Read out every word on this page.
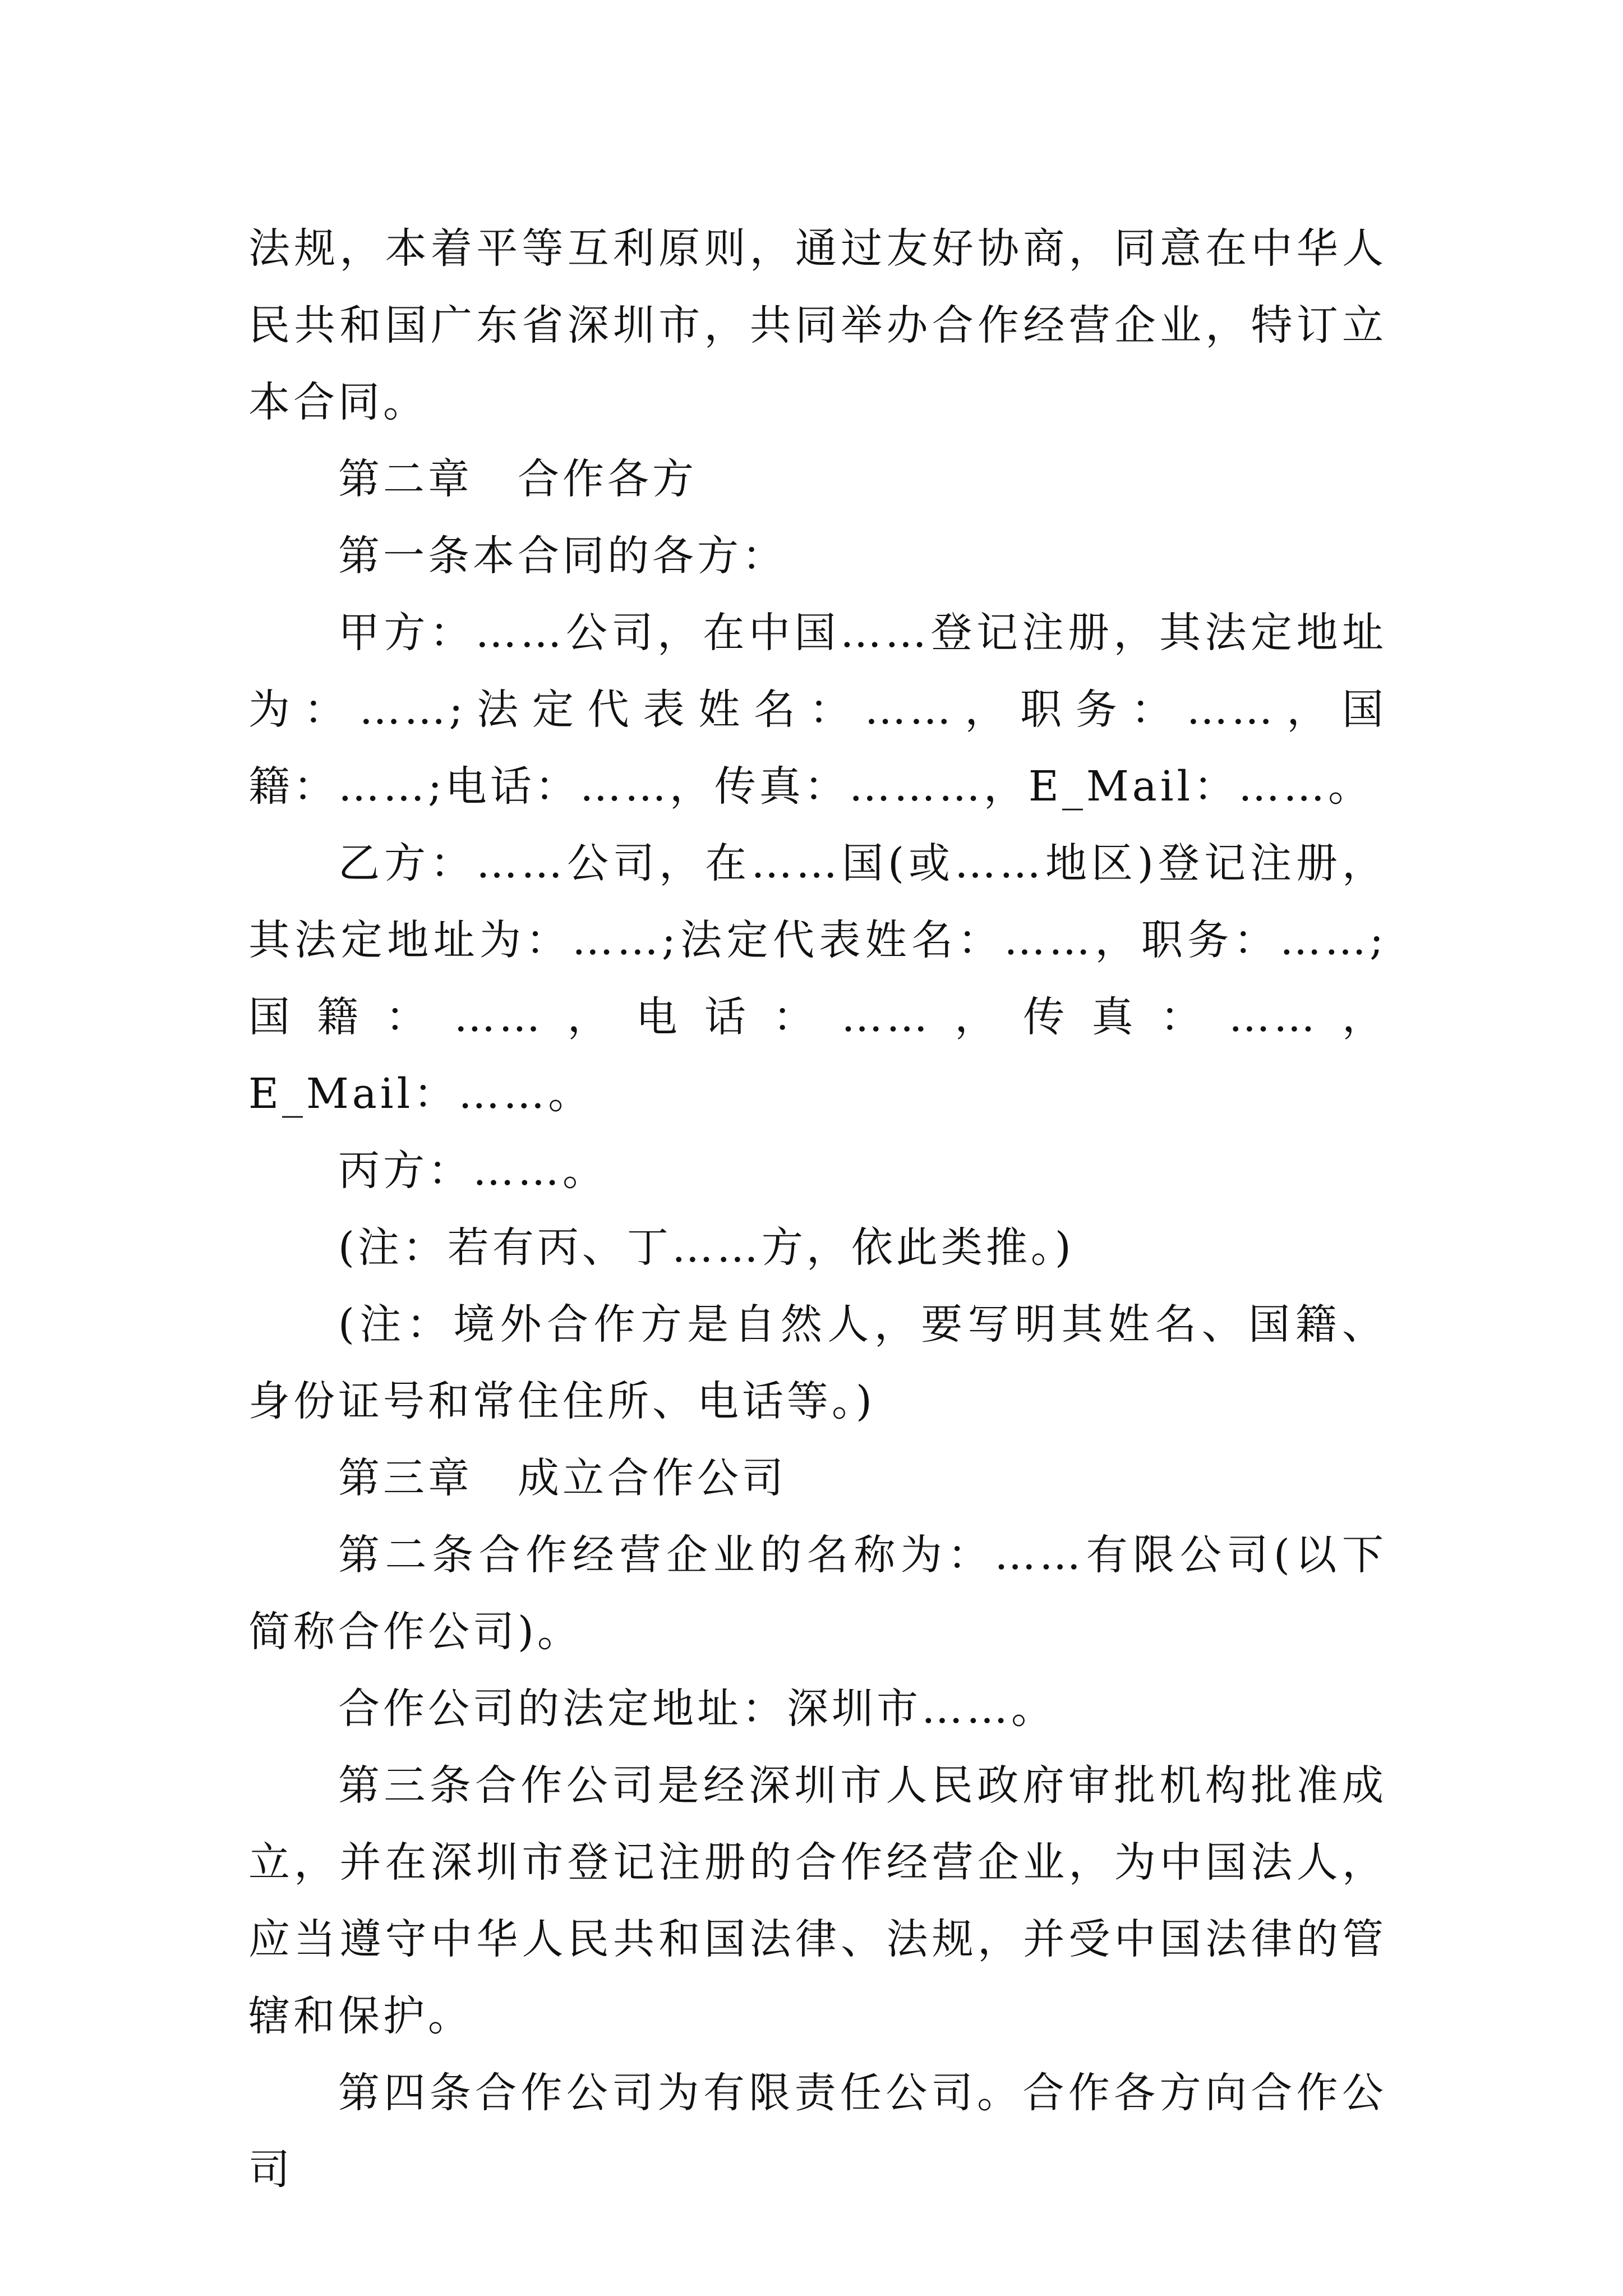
法规，本着平等互利原则，通过友好协商，同意在中华人民共和国广东省深圳市，共同举办合作经营企业，特订立本合同。

第二章　合作各方

第一条本合同的各方：

甲方：……公司，在中国……登记注册，其法定地址为：……;法定代表姓名：……，职务：……，国籍：……;电话：……，传真：………，E_Mail：……。

乙方：……公司，在……国(或……地区)登记注册，其法定地址为：……;法定代表姓名：……，职务：……;国籍：……，电话：……，传真：……，E_Mail：……。

丙方：……。

(注：若有丙、丁……方，依此类推。)

(注：境外合作方是自然人，要写明其姓名、国籍、身份证号和常住住所、电话等。)

第三章　成立合作公司

第二条合作经营企业的名称为：……有限公司(以下简称合作公司)。

合作公司的法定地址：深圳市……。

第三条合作公司是经深圳市人民政府审批机构批准成立，并在深圳市登记注册的合作经营企业，为中国法人，应当遵守中华人民共和国法律、法规，并受中国法律的管辖和保护。

第四条合作公司为有限责任公司。合作各方向合作公司
